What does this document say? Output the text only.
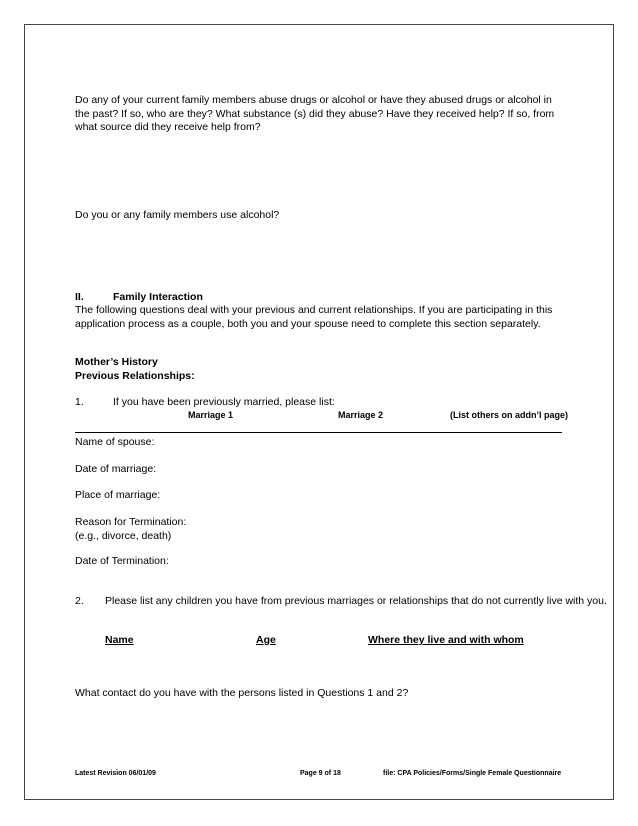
Do any of your current family members abuse drugs or alcohol or have they abused drugs or alcohol in the past? If so, who are they? What substance (s) did they abuse? Have they received help? If so, from what source did they receive help from?
Do you or any family members use alcohol?
II.	Family Interaction
The following questions deal with your previous and current relationships. If you are participating in this application process as a couple, both you and your spouse need to complete this section separately.
Mother’s History
Previous Relationships:
1.	If you have been previously married, please list:
Marriage 1	Marriage 2	(List others on addn’l page)
Name of spouse:
Date of marriage:
Place of marriage:
Reason for Termination:
(e.g., divorce, death)
Date of Termination:
2. Please list any children you have from previous marriages or relationships that do not currently live with you.
Name	Age	Where they live and with whom
What contact do you have with the persons listed in Questions 1 and 2?
Latest Revision 06/01/09	Page 9 of 18	file: CPA Policies/Forms/Single Female Questionnaire
